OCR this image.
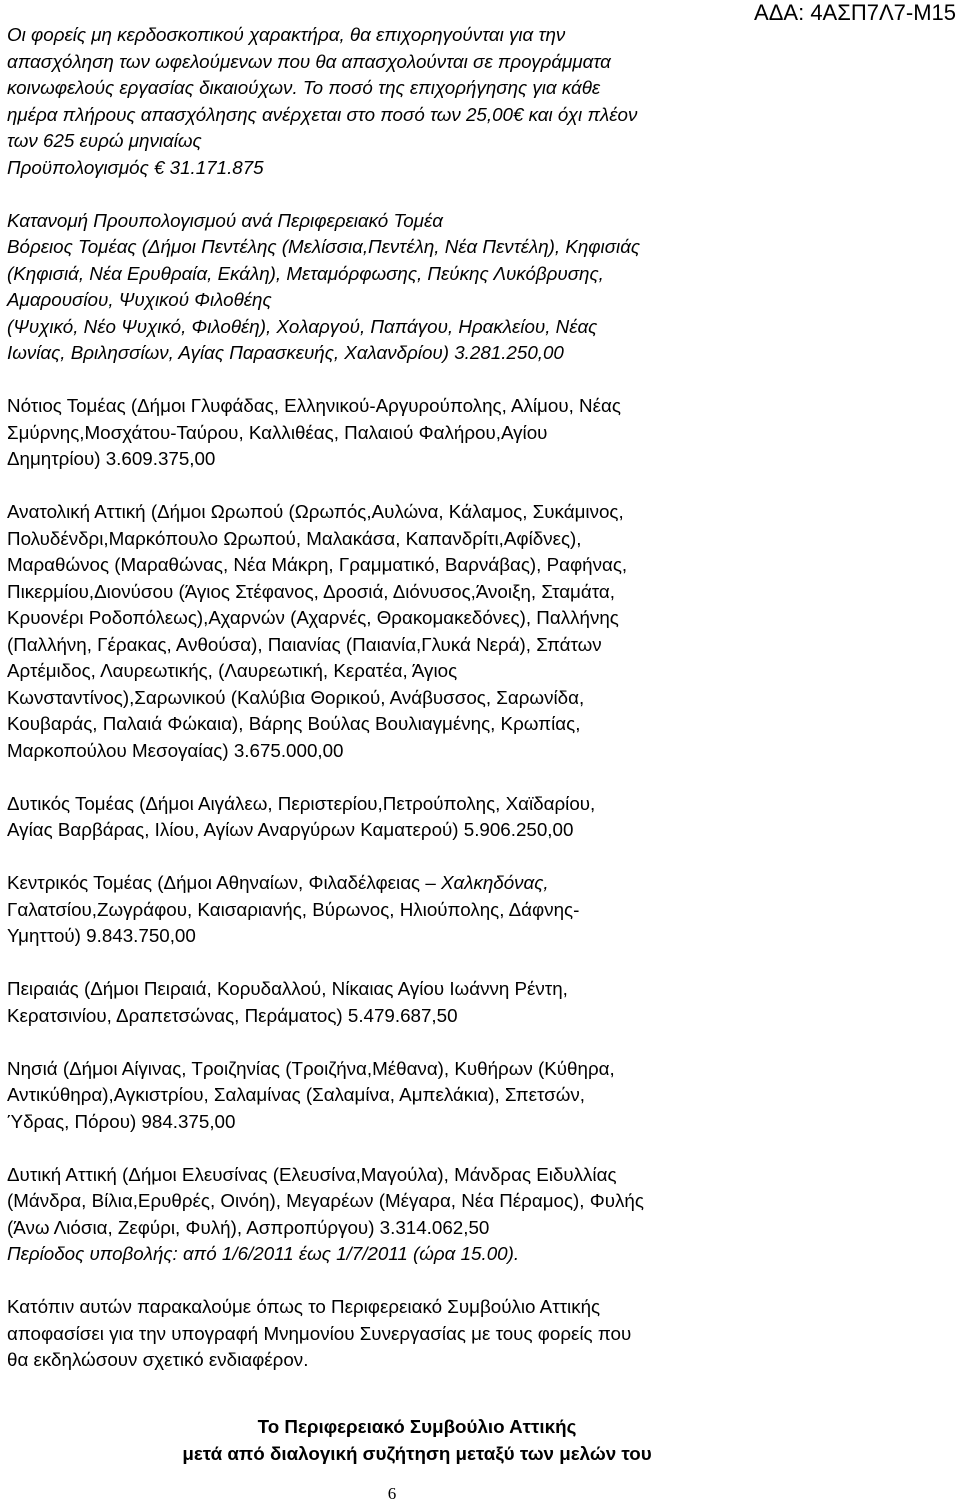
ΑΔΑ: 4ΑΣΠ7Λ7-Μ15

Οι φορείς μη κερδοσκοπικού χαρακτήρα, θα επιχορηγούνται για την
απασχόληση των ωφελούμενων που θα απασχολούνται σε προγράμματα
κοινωφελούς εργασίας δικαιούχων. Το ποσό της επιχορήγησης για κάθε
ημέρα πλήρους απασχόλησης ανέρχεται στο ποσό των 25,00€ και όχι πλέον
των 625 ευρώ μηνιαίως
Προϋπολογισμός € 31.171.875

Κατανομή Προυπολογισμού ανά Περιφερειακό Τομέα

Βόρειος Τομέας (Δήμοι Πεντέλης (Μελίσσια,Πεντέλη, Νέα Πεντέλη), Κηφισιάς
(Κηφισιά, Νέα Ερυθραία, Εκάλη), Μεταμόρφωσης, Πεύκης Λυκόβρυσης,
Αμαρουσίου, Ψυχικού Φιλοθέης
(Ψυχικό, Νέο Ψυχικό, Φιλοθέη), Χολαργού, Παπάγου, Ηρακλείου, Νέας
Ιωνίας, Βριλησσίων, Αγίας Παρασκευής, Χαλανδρίου) 3.281.250,00

Νότιος Τομέας (Δήμοι Γλυφάδας, Ελληνικού-Αργυρούπολης, Αλίμου, Νέας
Σμύρνης,Μοσχάτου-Ταύρου, Καλλιθέας, Παλαιού Φαλήρου,Αγίου
Δημητρίου) 3.609.375,00

Ανατολική Αττική (Δήμοι Ωρωπού (Ωρωπός,Αυλώνα, Κάλαμος, Συκάμινος,
Πολυδένδρι,Μαρκόπουλο Ωρωπού, Μαλακάσα, Καπανδρίτι,Αφίδνες),
Μαραθώνος (Μαραθώνας, Νέα Μάκρη, Γραμματικό, Βαρνάβας), Ραφήνας,
Πικερμίου,Διονύσου (Άγιος Στέφανος, Δροσιά, Διόνυσος,Άνοιξη, Σταμάτα,
Κρυονέρι Ροδοπόλεως),Αχαρνών (Αχαρνές, Θρακομακεδόνες), Παλλήνης
(Παλλήνη, Γέρακας, Ανθούσα), Παιανίας (Παιανία,Γλυκά Νερά), Σπάτων
Αρτέμιδος, Λαυρεωτικής, (Λαυρεωτική, Κερατέα, Άγιος
Κωνσταντίνος),Σαρωνικού (Καλύβια Θορικού, Ανάβυσσος, Σαρωνίδα,
Κουβαράς, Παλαιά Φώκαια), Βάρης Βούλας Βουλιαγμένης, Κρωπίας,
Μαρκοπούλου Μεσογαίας) 3.675.000,00

Δυτικός Τομέας (Δήμοι Αιγάλεω, Περιστερίου,Πετρούπολης, Χαϊδαρίου,
Αγίας Βαρβάρας, Ιλίου, Αγίων Αναργύρων Καματερού) 5.906.250,00

Κεντρικός Τομέας (Δήμοι Αθηναίων, Φιλαδέλφειας – Χαλκηδόνας,
Γαλατσίου,Ζωγράφου, Καισαριανής, Βύρωνος, Ηλιούπολης, Δάφνης-
Υμηττού) 9.843.750,00

Πειραιάς (Δήμοι Πειραιά, Κορυδαλλού, Νίκαιας Αγίου Ιωάννη Ρέντη,
Κερατσινίου, Δραπετσώνας, Περάματος) 5.479.687,50

Νησιά (Δήμοι Αίγινας, Τροιζηνίας (Τροιζήνα,Μέθανα), Κυθήρων (Κύθηρα,
Αντικύθηρα),Αγκιστρίου, Σαλαμίνας (Σαλαμίνα, Αμπελάκια), Σπετσών,
Ύδρας, Πόρου) 984.375,00

Δυτική Αττική (Δήμοι Ελευσίνας (Ελευσίνα,Μαγούλα), Μάνδρας Ειδυλλίας
(Μάνδρα, Βίλια,Ερυθρές, Οινόη), Μεγαρέων (Μέγαρα, Νέα Πέραμος), Φυλής
(Άνω Λιόσια, Ζεφύρι, Φυλή), Ασπροπύργου) 3.314.062,50

Περίοδος υποβολής: από 1/6/2011 έως 1/7/2011 (ώρα 15.00).

Κατόπιν αυτών παρακαλούμε όπως το Περιφερειακό Συμβούλιο Αττικής
αποφασίσει για την υπογραφή Μνημονίου Συνεργασίας με τους φορείς που
θα εκδηλώσουν σχετικό ενδιαφέρον.

Το Περιφερειακό Συμβούλιο Αττικής
μετά από διαλογική συζήτηση μεταξύ των μελών του
6
